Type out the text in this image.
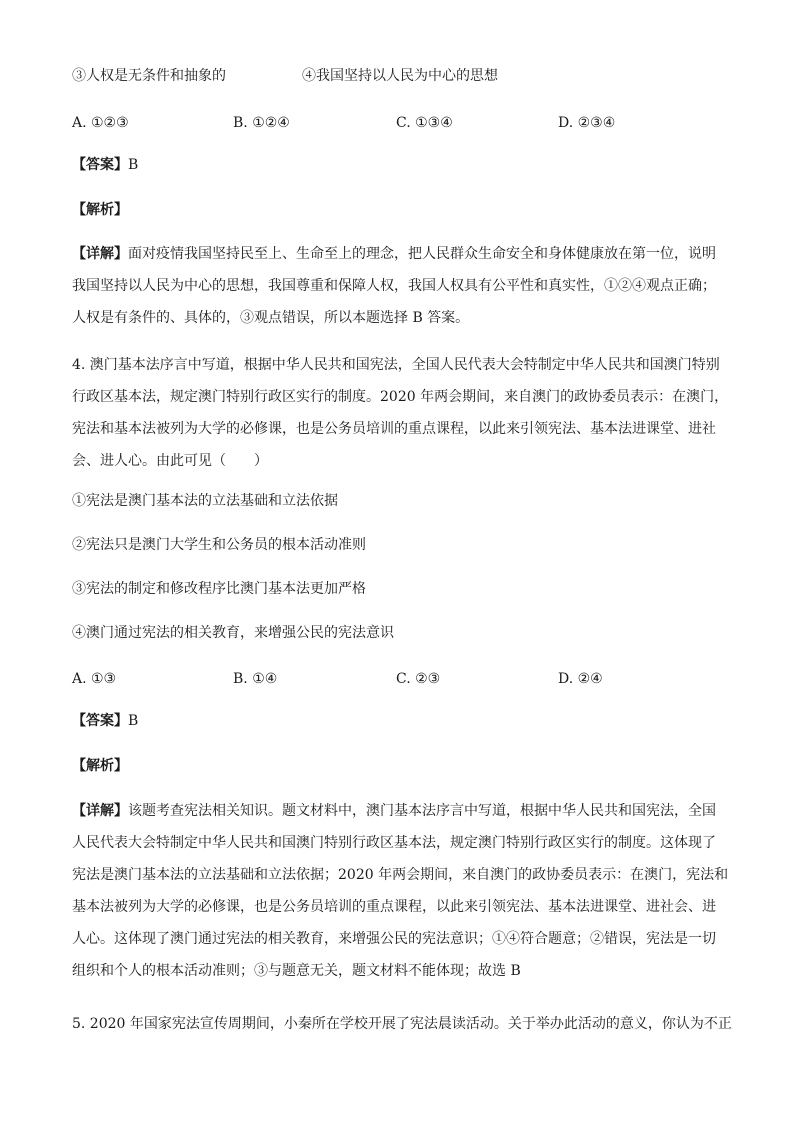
③人权是无条件和抽象的	④我国坚持以人民为中心的思想
A. ①②③	B. ①②④	C. ①③④	D. ②③④
【答案】B
【解析】
【详解】面对疫情我国坚持民至上、生命至上的理念，把人民群众生命安全和身体健康放在第一位，说明
我国坚持以人民为中心的思想，我国尊重和保障人权，我国人权具有公平性和真实性，①②④观点正确；
人权是有条件的、具体的，③观点错误，所以本题选择 B 答案。
4. 澳门基本法序言中写道，根据中华人民共和国宪法，全国人民代表大会特制定中华人民共和国澳门特别
行政区基本法，规定澳门特别行政区实行的制度。2020 年两会期间，来自澳门的政协委员表示：在澳门，
宪法和基本法被列为大学的必修课，也是公务员培训的重点课程，以此来引领宪法、基本法进课堂、进社
会、进人心。由此可见（　　）
①宪法是澳门基本法的立法基础和立法依据
②宪法只是澳门大学生和公务员的根本活动准则
③宪法的制定和修改程序比澳门基本法更加严格
④澳门通过宪法的相关教育，来增强公民的宪法意识
A. ①③	B. ①④	C. ②③	D. ②④
【答案】B
【解析】
【详解】该题考查宪法相关知识。题文材料中，澳门基本法序言中写道，根据中华人民共和国宪法，全国
人民代表大会特制定中华人民共和国澳门特别行政区基本法，规定澳门特别行政区实行的制度。这体现了
宪法是澳门基本法的立法基础和立法依据；2020 年两会期间，来自澳门的政协委员表示：在澳门，宪法和
基本法被列为大学的必修课，也是公务员培训的重点课程，以此来引领宪法、基本法进课堂、进社会、进
人心。这体现了澳门通过宪法的相关教育，来增强公民的宪法意识；①④符合题意；②错误，宪法是一切
组织和个人的根本活动准则；③与题意无关，题文材料不能体现；故选 B
5. 2020 年国家宪法宣传周期间，小秦所在学校开展了宪法晨读活动。关于举办此活动的意义，你认为不正
